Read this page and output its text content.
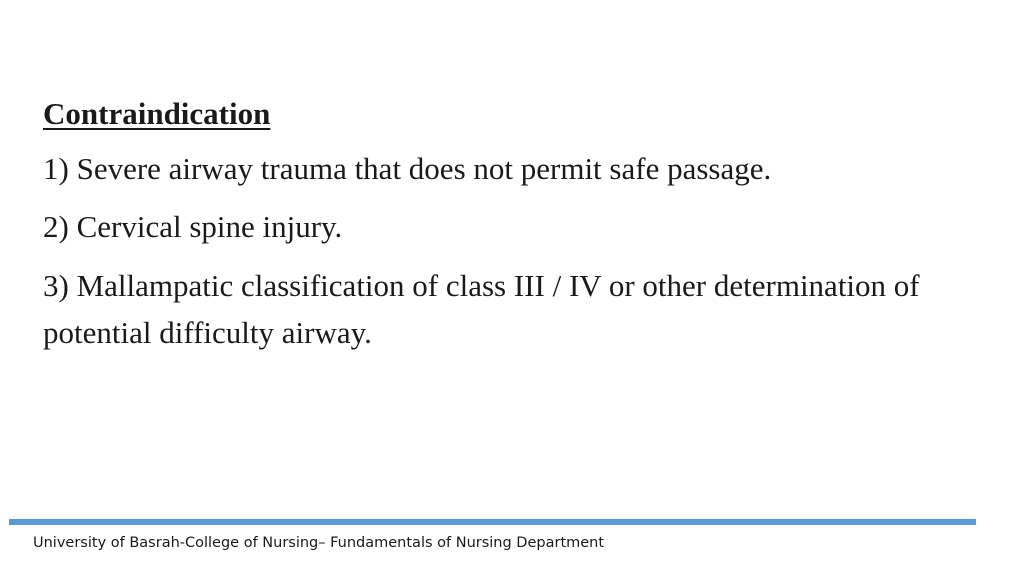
Contraindication
1) Severe airway trauma that does not permit safe passage.
2) Cervical spine injury.
3) Mallampatic classification of class III / IV or other determination of potential difficulty airway.
University of Basrah-College of Nursing– Fundamentals of Nursing Department
